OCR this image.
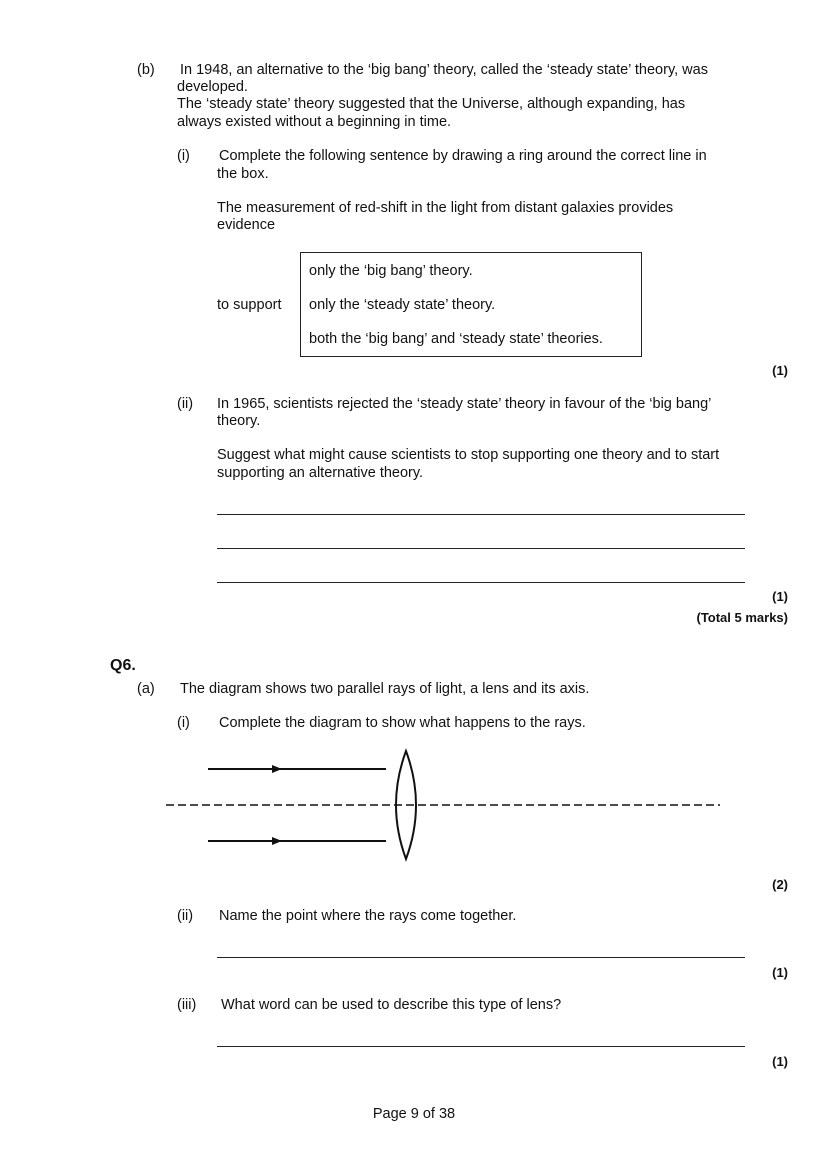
(b) In 1948, an alternative to the ‘big bang’ theory, called the ‘steady state’ theory, was
developed.
The ‘steady state’ theory suggested that the Universe, although expanding, has
always existed without a beginning in time.
(i) Complete the following sentence by drawing a ring around the correct line in
the box.
The measurement of red-shift in the light from distant galaxies provides
evidence
to support
only the ‘big bang’ theory.
only the ‘steady state’ theory.
both the ‘big bang’ and ‘steady state’ theories.
(1)
(ii) In 1965, scientists rejected the ‘steady state’ theory in favour of the ‘big bang’
theory.
Suggest what might cause scientists to stop supporting one theory and to start
supporting an alternative theory.
(1)
(Total 5 marks)
Q6.
(a) The diagram shows two parallel rays of light, a lens and its axis.
(i) Complete the diagram to show what happens to the rays.
(2)
(ii) Name the point where the rays come together.
(1)
(iii) What word can be used to describe this type of lens?
(1)
Page 9 of 38
